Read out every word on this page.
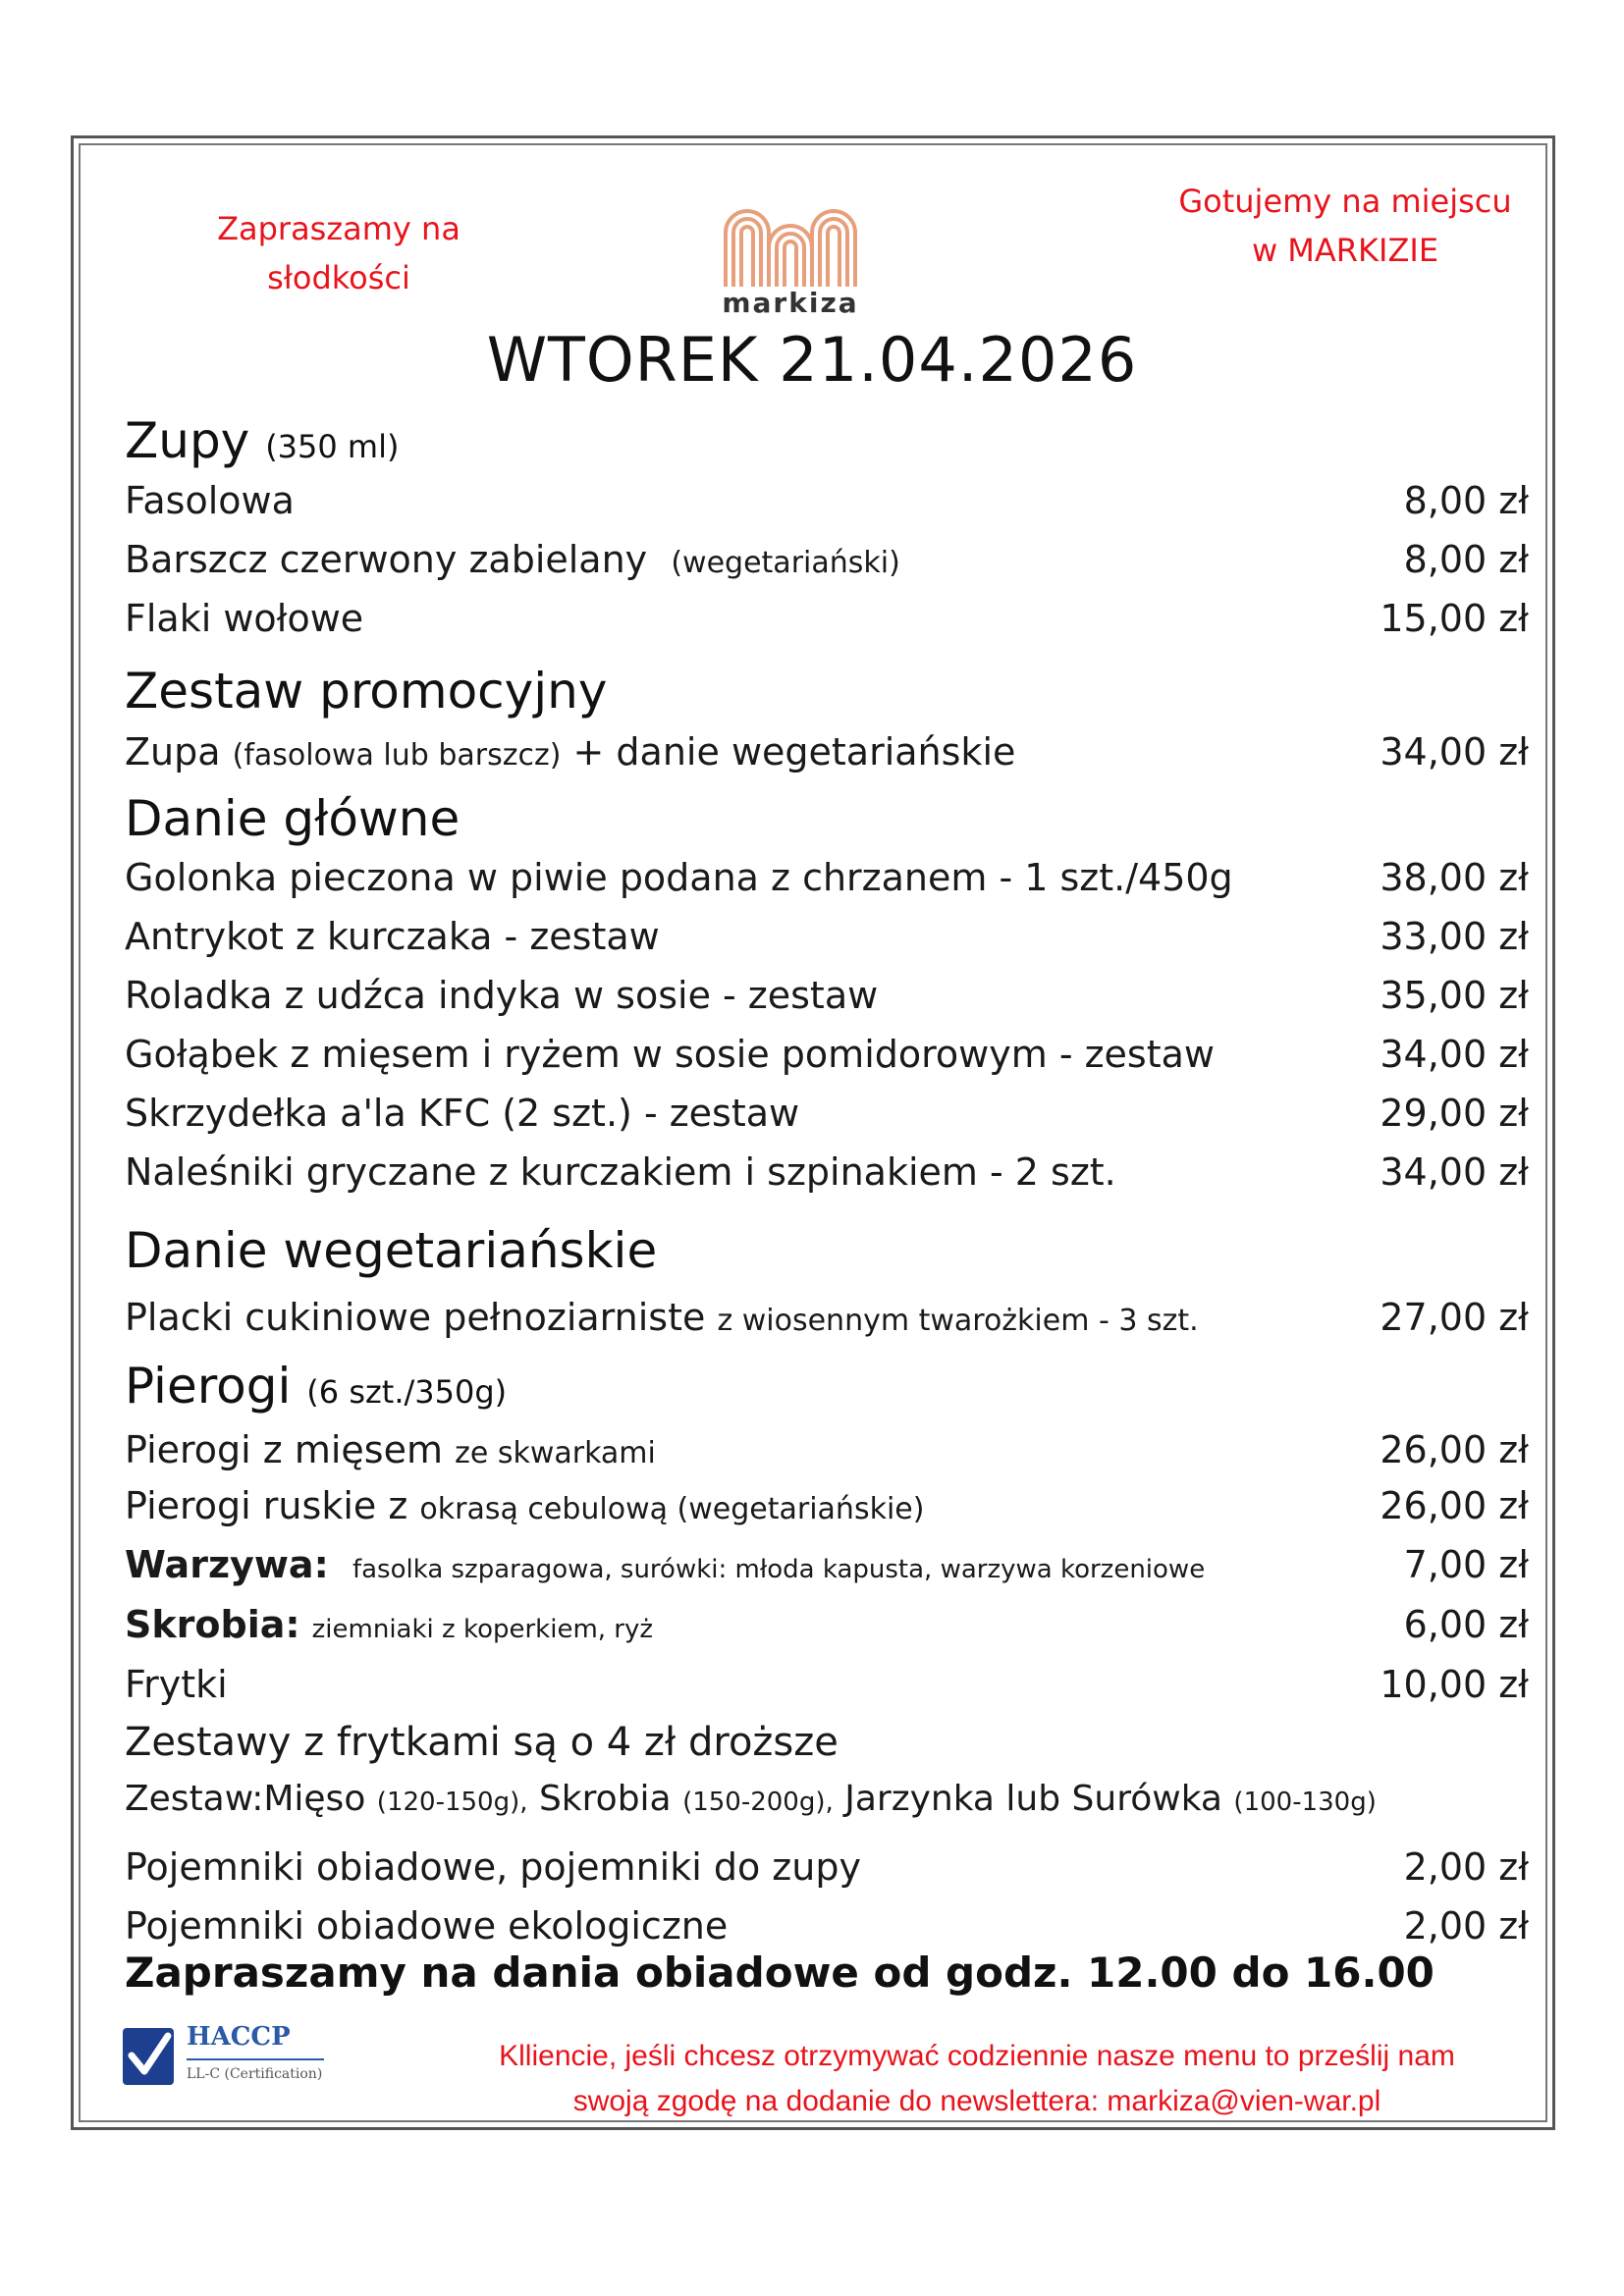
Zapraszamy na
słodkości
Gotujemy na miejscu
w MARKIZIE
markiza
WTOREK 21.04.2026
Zupy (350 ml)
Fasolowa	8,00 zł
Barszcz czerwony zabielany (wegetariański)	8,00 zł
Flaki wołowe	15,00 zł
Zestaw promocyjny
Zupa (fasolowa lub barszcz) + danie wegetariańskie	34,00 zł
Danie główne
Golonka pieczona w piwie podana z chrzanem - 1 szt./450g	38,00 zł
Antrykot z kurczaka - zestaw	33,00 zł
Roladka z udźca indyka w sosie - zestaw	35,00 zł
Gołąbek z mięsem i ryżem w sosie pomidorowym - zestaw	34,00 zł
Skrzydełka a'la KFC (2 szt.) - zestaw	29,00 zł
Naleśniki gryczane z kurczakiem i szpinakiem - 2 szt.	34,00 zł
Danie wegetariańskie
Placki cukiniowe pełnoziarniste z wiosennym twarożkiem - 3 szt.	27,00 zł
Pierogi (6 szt./350g)
Pierogi z mięsem ze skwarkami	26,00 zł
Pierogi ruskie z okrasą cebulową (wegetariańskie)	26,00 zł
Warzywa: fasolka szparagowa, surówki: młoda kapusta, warzywa korzeniowe	7,00 zł
Skrobia: ziemniaki z koperkiem, ryż	6,00 zł
Frytki	10,00 zł
Zestawy z frytkami są o 4 zł droższe
Zestaw:Mięso (120-150g), Skrobia (150-200g), Jarzynka lub Surówka (100-130g)
Pojemniki obiadowe, pojemniki do zupy	2,00 zł
Pojemniki obiadowe ekologiczne	2,00 zł
Zapraszamy na dania obiadowe od godz. 12.00 do 16.00
HACCP
LL-C (Certification)
Klliencie, jeśli chcesz otrzymywać codziennie nasze menu to prześlij nam
swoją zgodę na dodanie do newslettera: markiza@vien-war.pl
